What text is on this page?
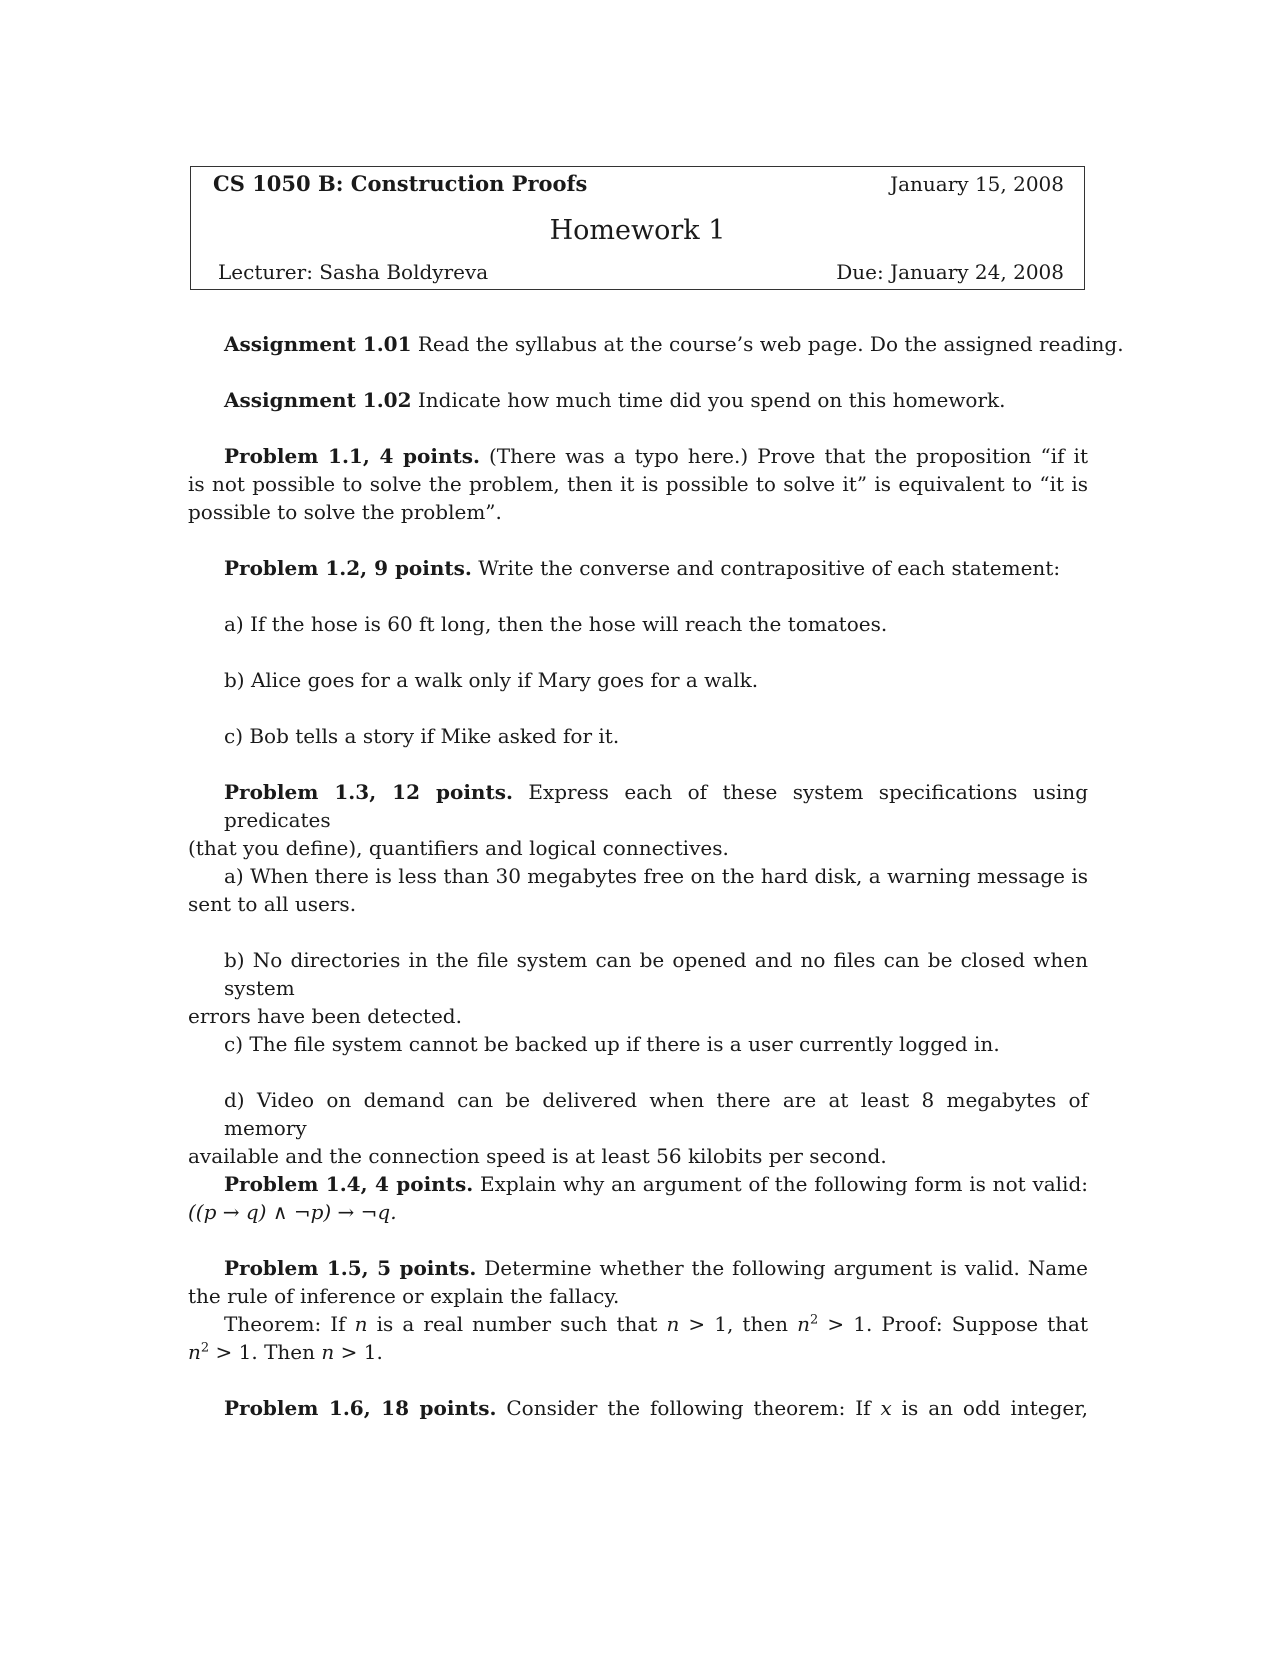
CS 1050 B: Construction Proofs	January 15, 2008
Homework 1
Lecturer: Sasha Boldyreva	Due: January 24, 2008
Assignment 1.01 Read the syllabus at the course’s web page. Do the assigned reading.
Assignment 1.02 Indicate how much time did you spend on this homework.
Problem 1.1, 4 points. (There was a typo here.) Prove that the proposition “if it
is not possible to solve the problem, then it is possible to solve it” is equivalent to “it is
possible to solve the problem”.
Problem 1.2, 9 points. Write the converse and contrapositive of each statement:
a) If the hose is 60 ft long, then the hose will reach the tomatoes.
b) Alice goes for a walk only if Mary goes for a walk.
c) Bob tells a story if Mike asked for it.
Problem 1.3, 12 points. Express each of these system specifications using predicates
(that you define), quantifiers and logical connectives.
a) When there is less than 30 megabytes free on the hard disk, a warning message is
sent to all users.
b) No directories in the file system can be opened and no files can be closed when system
errors have been detected.
c) The file system cannot be backed up if there is a user currently logged in.
d) Video on demand can be delivered when there are at least 8 megabytes of memory
available and the connection speed is at least 56 kilobits per second.
Problem 1.4, 4 points. Explain why an argument of the following form is not valid:
((p → q) ∧ ¬p) → ¬q.
Problem 1.5, 5 points. Determine whether the following argument is valid. Name
the rule of inference or explain the fallacy.
Theorem: If n is a real number such that n > 1, then $n^2 > 1$. Proof: Suppose that
$n^2 > 1$. Then n > 1.
Problem 1.6, 18 points. Consider the following theorem: If x is an odd integer,
